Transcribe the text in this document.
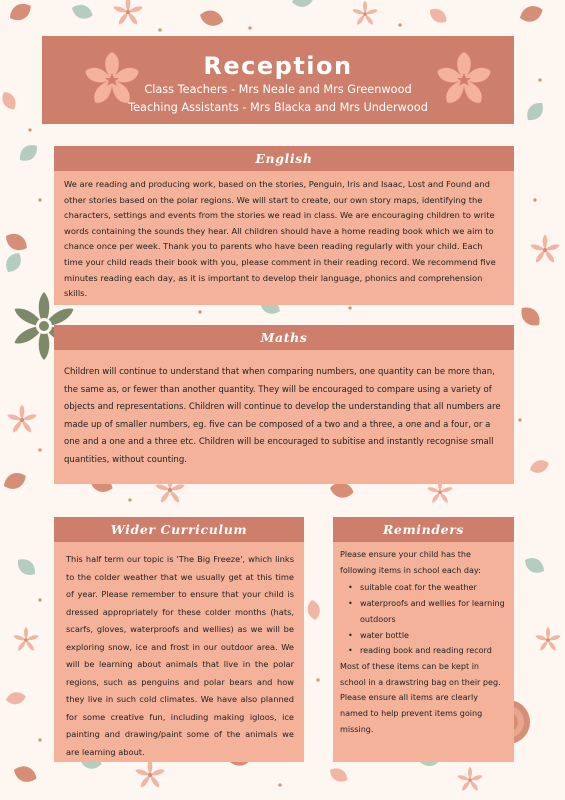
Reception
Class Teachers - Mrs Neale and Mrs Greenwood
Teaching Assistants - Mrs Blacka and Mrs Underwood
English
We are reading and producing work, based on the stories, Penguin, Iris and Isaac, Lost and Found and other stories based on the polar regions. We will start to create, our own story maps, identifying the characters, settings and events from the stories we read in class. We are encouraging children to write words containing the sounds they hear. All children should have a home reading book which we aim to chance once per week. Thank you to parents who have been reading regularly with your child. Each time your child reads their book with you, please comment in their reading record. We recommend five minutes reading each day, as it is important to develop their language, phonics and comprehension skills.
Maths
Children will continue to understand that when comparing numbers, one quantity can be more than, the same as, or fewer than another quantity. They will be encouraged to compare using a variety of objects and representations. Children will continue to develop the understanding that all numbers are made up of smaller numbers, eg. five can be composed of a two and a three, a one and a four, or a one and a one and a three etc. Children will be encouraged to subitise and instantly recognise small quantities, without counting.
Wider Curriculum
This half term our topic is 'The Big Freeze', which links to the colder weather that we usually get at this time of year. Please remember to ensure that your child is dressed appropriately for these colder months (hats, scarfs, gloves, waterproofs and wellies) as we will be exploring snow, ice and frost in our outdoor area. We will be learning about animals that live in the polar regions, such as penguins and polar bears and how they live in such cold climates. We have also planned for some creative fun, including making igloos, ice painting and drawing/paint some of the animals we are learning about.
Reminders
Please ensure your child has the following items in school each day:
• suitable coat for the weather
• waterproofs and wellies for learning outdoors
• water bottle
• reading book and reading record
Most of these items can be kept in school in a drawstring bag on their peg. Please ensure all items are clearly named to help prevent items going missing.
